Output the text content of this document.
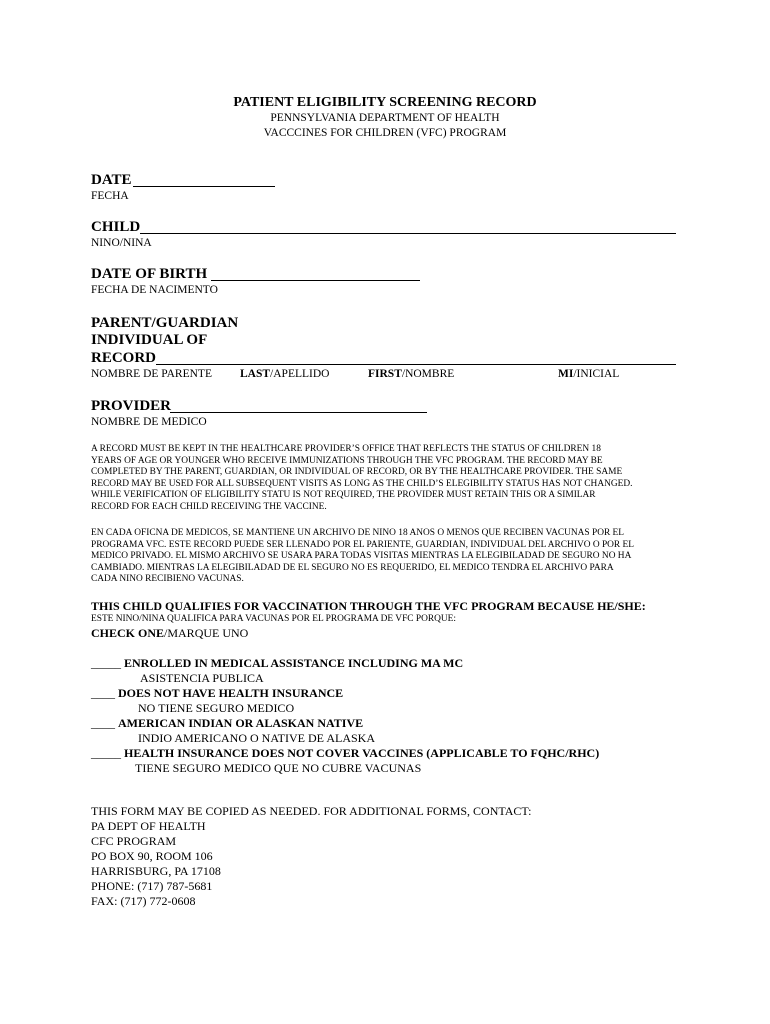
PATIENT ELIGIBILITY SCREENING RECORD
PENNSYLVANIA DEPARTMENT OF HEALTH
VACCCINES FOR CHILDREN (VFC) PROGRAM
DATE
FECHA
CHILD
NINO/NINA
DATE OF BIRTH
FECHA DE NACIMENTO
PARENT/GUARDIAN
INDIVIDUAL OF
RECORD
NOMBRE DE PARENTE LAST/APELLIDO	FIRST/NOMBRE	MI/INICIAL
PROVIDER
NOMBRE DE MEDICO
A RECORD MUST BE KEPT IN THE HEALTHCARE PROVIDER’S OFFICE THAT REFLECTS THE STATUS OF CHILDREN 18
YEARS OF AGE OR YOUNGER WHO RECEIVE IMMUNIZATIONS THROUGH THE VFC PROGRAM. THE RECORD MAY BE
COMPLETED BY THE PARENT, GUARDIAN, OR INDIVIDUAL OF RECORD, OR BY THE HEALTHCARE PROVIDER. THE SAME
RECORD MAY BE USED FOR ALL SUBSEQUENT VISITS AS LONG AS THE CHILD’S ELEGIBILITY STATUS HAS NOT CHANGED.
WHILE VERIFICATION OF ELIGIBILITY STATU IS NOT REQUIRED, THE PROVIDER MUST RETAIN THIS OR A SIMILAR
RECORD FOR EACH CHILD RECEIVING THE VACCINE.
EN CADA OFICNA DE MEDICOS, SE MANTIENE UN ARCHIVO DE NINO 18 ANOS O MENOS QUE RECIBEN VACUNAS POR EL
PROGRAMA VFC. ESTE RECORD PUEDE SER LLENADO POR EL PARIENTE, GUARDIAN, INDIVIDUAL DEL ARCHIVO O POR EL
MEDICO PRIVADO. EL MISMO ARCHIVO SE USARA PARA TODAS VISITAS MIENTRAS LA ELEGIBILADAD DE SEGURO NO HA
CAMBIADO. MIENTRAS LA ELEGIBILADAD DE EL SEGURO NO ES REQUERIDO, EL MEDICO TENDRA EL ARCHIVO PARA
CADA NINO RECIBIENO VACUNAS.
THIS CHILD QUALIFIES FOR VACCINATION THROUGH THE VFC PROGRAM BECAUSE HE/SHE:
ESTE NINO/NINA QUALIFICA PARA VACUNAS POR EL PROGRAMA DE VFC PORQUE:
CHECK ONE/MARQUE UNO
_____ ENROLLED IN MEDICAL ASSISTANCE INCLUDING MA MC
ASISTENCIA PUBLICA
____ DOES NOT HAVE HEALTH INSURANCE
NO TIENE SEGURO MEDICO
____ AMERICAN INDIAN OR ALASKAN NATIVE
INDIO AMERICANO O NATIVE DE ALASKA
_____ HEALTH INSURANCE DOES NOT COVER VACCINES (APPLICABLE TO FQHC/RHC)
TIENE SEGURO MEDICO QUE NO CUBRE VACUNAS
THIS FORM MAY BE COPIED AS NEEDED. FOR ADDITIONAL FORMS, CONTACT:
PA DEPT OF HEALTH
CFC PROGRAM
PO BOX 90, ROOM 106
HARRISBURG, PA 17108
PHONE: (717) 787-5681
FAX: (717) 772-0608
